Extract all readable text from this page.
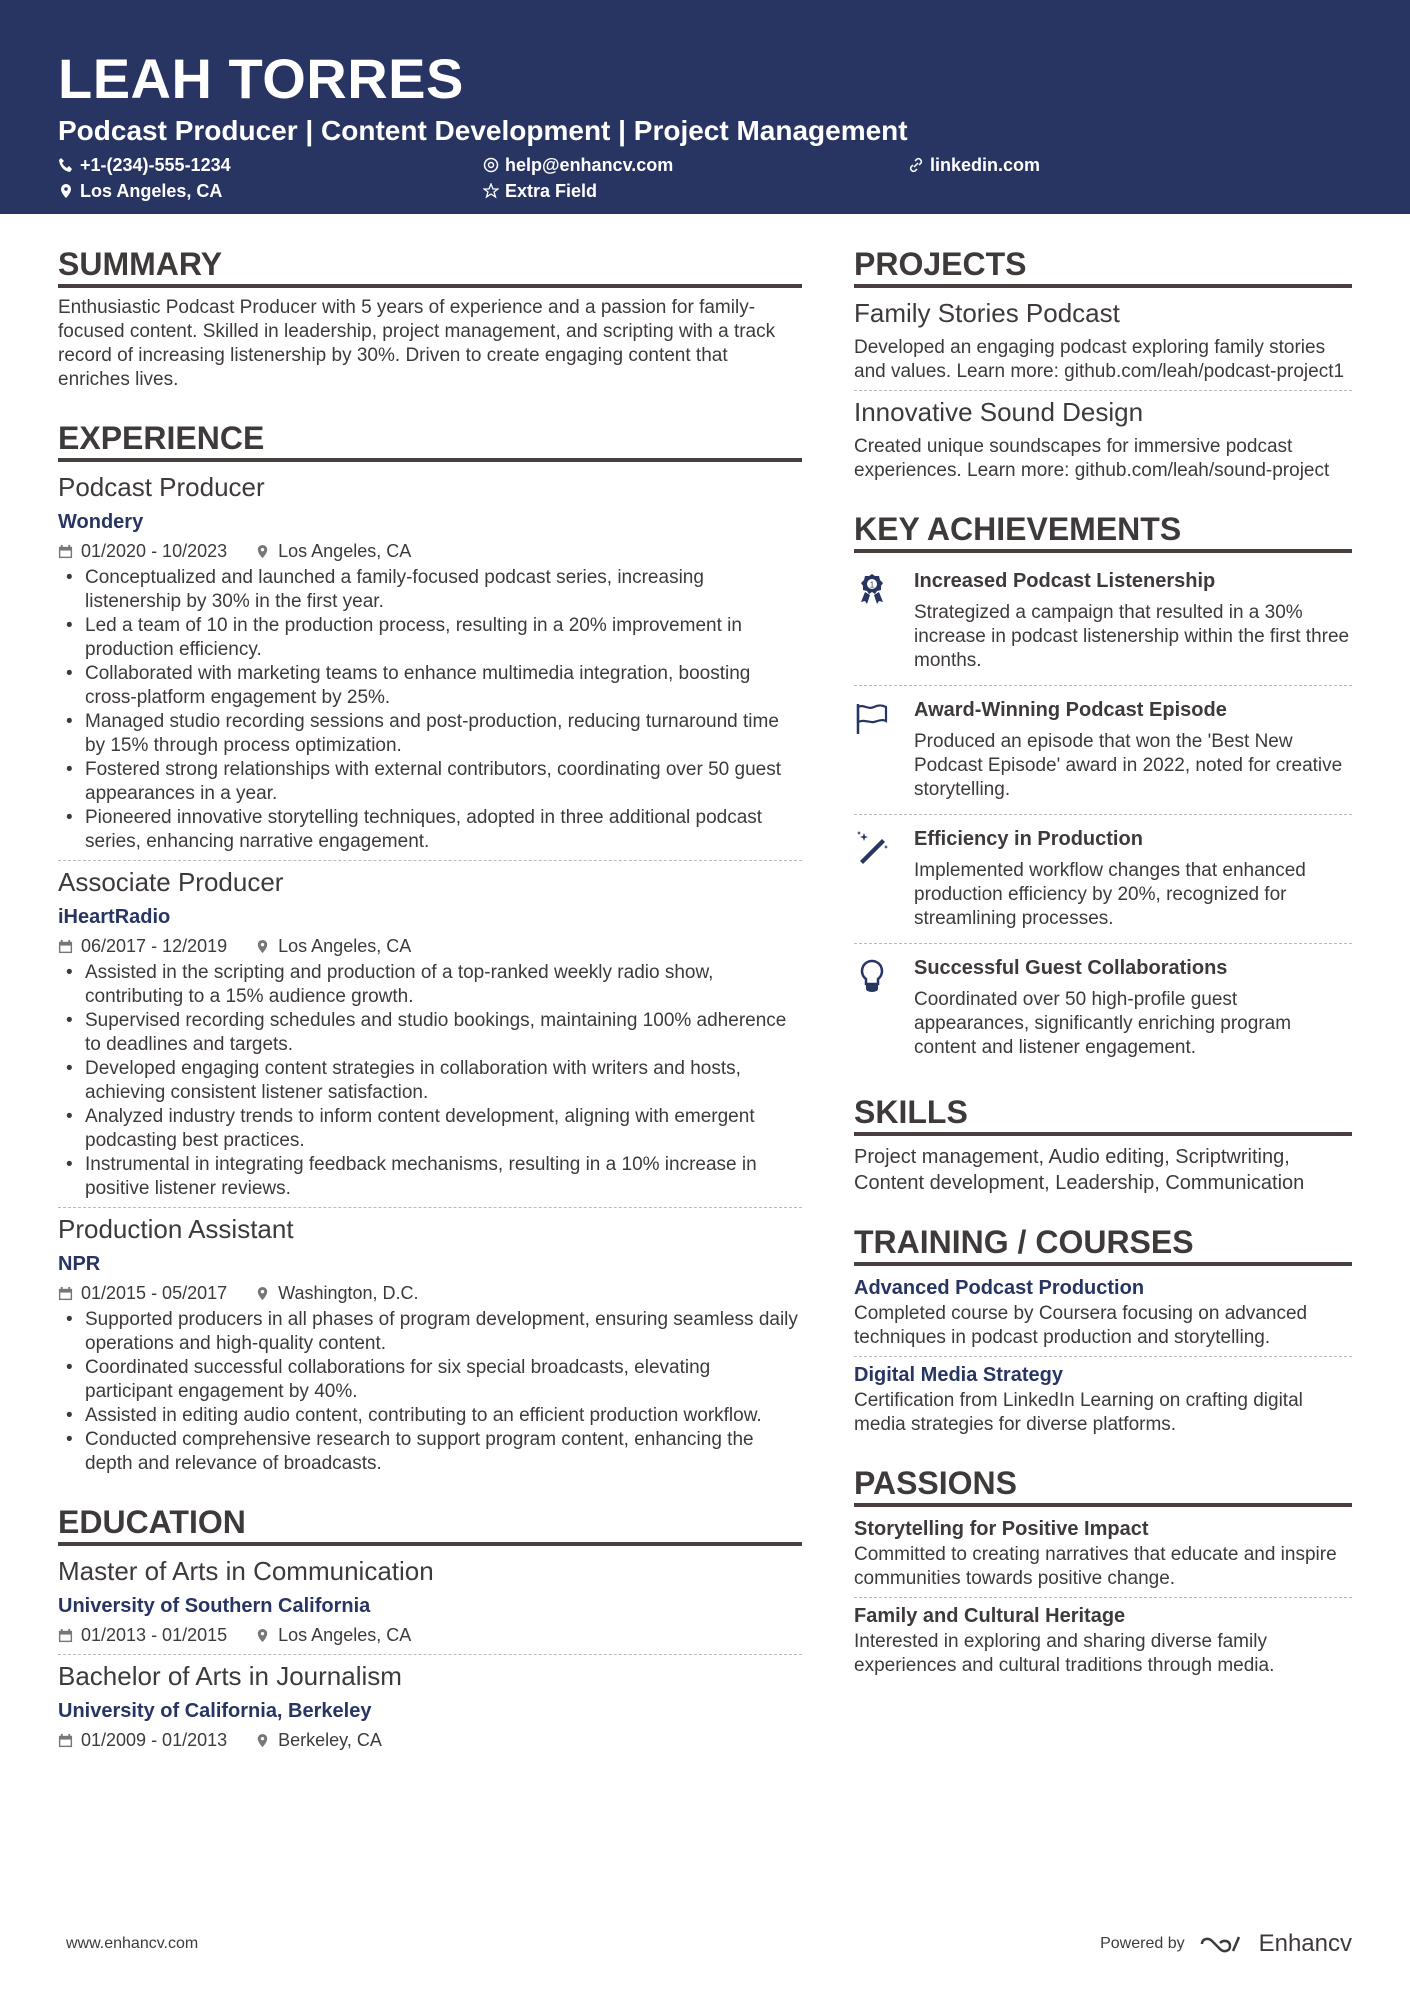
LEAH TORRES
Podcast Producer | Content Development | Project Management
+1-(234)-555-1234	help@enhancv.com	linkedin.com
Los Angeles, CA	Extra Field
SUMMARY
Enthusiastic Podcast Producer with 5 years of experience and a passion for family-focused content. Skilled in leadership, project management, and scripting with a track record of increasing listenership by 30%. Driven to create engaging content that enriches lives.
EXPERIENCE
Podcast Producer
Wondery
01/2020 - 10/2023	Los Angeles, CA
• Conceptualized and launched a family-focused podcast series, increasing listenership by 30% in the first year.
• Led a team of 10 in the production process, resulting in a 20% improvement in production efficiency.
• Collaborated with marketing teams to enhance multimedia integration, boosting cross-platform engagement by 25%.
• Managed studio recording sessions and post-production, reducing turnaround time by 15% through process optimization.
• Fostered strong relationships with external contributors, coordinating over 50 guest appearances in a year.
• Pioneered innovative storytelling techniques, adopted in three additional podcast series, enhancing narrative engagement.
Associate Producer
iHeartRadio
06/2017 - 12/2019	Los Angeles, CA
• Assisted in the scripting and production of a top-ranked weekly radio show, contributing to a 15% audience growth.
• Supervised recording schedules and studio bookings, maintaining 100% adherence to deadlines and targets.
• Developed engaging content strategies in collaboration with writers and hosts, achieving consistent listener satisfaction.
• Analyzed industry trends to inform content development, aligning with emergent podcasting best practices.
• Instrumental in integrating feedback mechanisms, resulting in a 10% increase in positive listener reviews.
Production Assistant
NPR
01/2015 - 05/2017	Washington, D.C.
• Supported producers in all phases of program development, ensuring seamless daily operations and high-quality content.
• Coordinated successful collaborations for six special broadcasts, elevating participant engagement by 40%.
• Assisted in editing audio content, contributing to an efficient production workflow.
• Conducted comprehensive research to support program content, enhancing the depth and relevance of broadcasts.
EDUCATION
Master of Arts in Communication
University of Southern California
01/2013 - 01/2015	Los Angeles, CA
Bachelor of Arts in Journalism
University of California, Berkeley
01/2009 - 01/2013	Berkeley, CA
PROJECTS
Family Stories Podcast
Developed an engaging podcast exploring family stories and values. Learn more: github.com/leah/podcast-project1
Innovative Sound Design
Created unique soundscapes for immersive podcast experiences. Learn more: github.com/leah/sound-project
KEY ACHIEVEMENTS
1 Increased Podcast Listenership
Strategized a campaign that resulted in a 30% increase in podcast listenership within the first three months.
Award-Winning Podcast Episode
Produced an episode that won the 'Best New Podcast Episode' award in 2022, noted for creative storytelling.
Efficiency in Production
Implemented workflow changes that enhanced production efficiency by 20%, recognized for streamlining processes.
Successful Guest Collaborations
Coordinated over 50 high-profile guest appearances, significantly enriching program content and listener engagement.
SKILLS
Project management, Audio editing, Scriptwriting, Content development, Leadership, Communication
TRAINING / COURSES
Advanced Podcast Production
Completed course by Coursera focusing on advanced techniques in podcast production and storytelling.
Digital Media Strategy
Certification from LinkedIn Learning on crafting digital media strategies for diverse platforms.
PASSIONS
Storytelling for Positive Impact
Committed to creating narratives that educate and inspire communities towards positive change.
Family and Cultural Heritage
Interested in exploring and sharing diverse family experiences and cultural traditions through media.
www.enhancv.com	Powered by	Enhancv
